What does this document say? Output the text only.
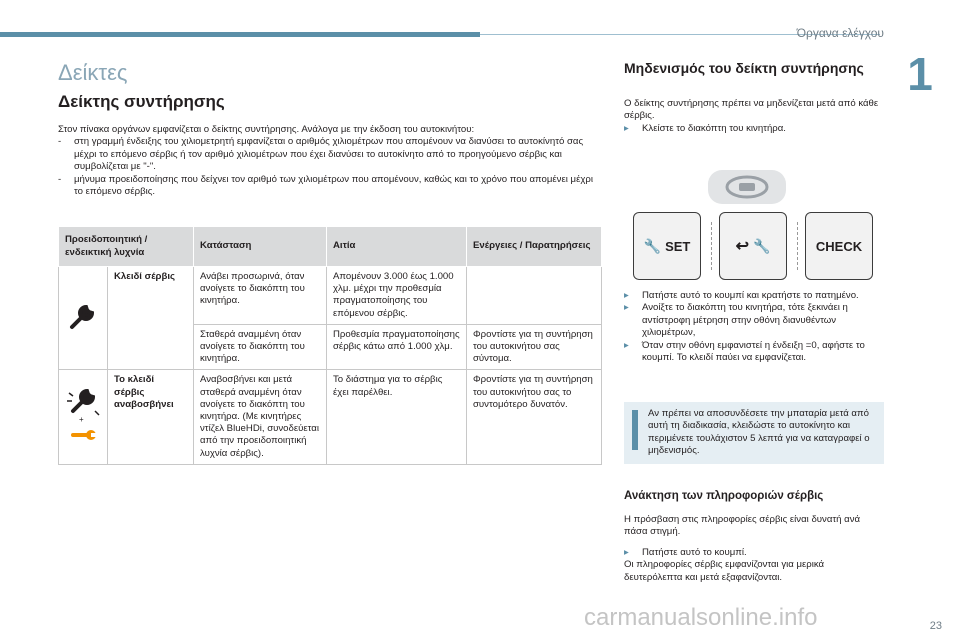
Όργανα ελέγχου
1
Δείκτες
Δείκτης συντήρησης
Στον πίνακα οργάνων εμφανίζεται ο δείκτης συντήρησης. Ανάλογα με την έκδοση του αυτοκινήτου:
-	στη γραμμή ένδειξης του χιλιομετρητή εμφανίζεται ο αριθμός χιλιομέτρων που απομένουν να διανύσει το αυτοκίνητό σας μέχρι το επόμενο σέρβις ή τον αριθμό χιλιομέτρων που έχει διανύσει το αυτοκίνητο από το προηγούμενο σέρβις και συμβολίζεται με "-".
-	μήνυμα προειδοποίησης που δείχνει τον αριθμό των χιλιομέτρων που απομένουν, καθώς και το χρόνο που απομένει μέχρι το επόμενο σέρβις.
Προειδοποιητική / ενδεικτική λυχνία		Κατάσταση	Αιτία	Ενέργειες / Παρατηρήσεις
	Κλειδί σέρβις	Ανάβει προσωρινά, όταν ανοίγετε το διακόπτη του κινητήρα.	Απομένουν 3.000 έως 1.000 χλμ. μέχρι την προθεσμία πραγματοποίησης του επόμενου σέρβις.	
		Σταθερά αναμμένη όταν ανοίγετε το διακόπτη του κινητήρα.	Προθεσμία πραγματοποίησης σέρβις κάτω από 1.000 χλμ.	Φροντίστε για τη συντήρηση του αυτοκινήτου σας σύντομα.

+	Το κλειδί σέρβις αναβοσβήνει	Αναβοσβήνει και μετά σταθερά αναμμένη όταν ανοίγετε το διακόπτη του κινητήρα. (Με κινητήρες ντίζελ BlueHDi, συνοδεύεται από την προειδοποιητική λυχνία σέρβις).	Το διάστημα για το σέρβις έχει παρέλθει.	Φροντίστε για τη συντήρηση του αυτοκινήτου σας το συντομότερο δυνατόν.
Μηδενισμός του δείκτη συντήρησης
Ο δείκτης συντήρησης πρέπει να μηδενίζεται μετά από κάθε σέρβις.
▸	Κλείστε το διακόπτη του κινητήρα.
🔧 SET	↩ 🔧	CHECK
▸	Πατήστε αυτό το κουμπί και κρατήστε το πατημένο.
▸	Ανοίξτε το διακόπτη του κινητήρα, τότε ξεκινάει η αντίστροφη μέτρηση στην οθόνη διανυθέντων χιλιομέτρων,
▸	Όταν στην οθόνη εμφανιστεί η ένδειξη =0, αφήστε το κουμπί. Το κλειδί παύει να εμφανίζεται.
Αν πρέπει να αποσυνδέσετε την μπαταρία μετά από αυτή τη διαδικασία, κλειδώστε το αυτοκίνητο και περιμένετε τουλάχιστον 5 λεπτά για να καταγραφεί ο μηδενισμός.
Ανάκτηση των πληροφοριών σέρβις
Η πρόσβαση στις πληροφορίες σέρβις είναι δυνατή ανά πάσα στιγμή.
▸	Πατήστε αυτό το κουμπί.
Οι πληροφορίες σέρβις εμφανίζονται για μερικά δευτερόλεπτα και μετά εξαφανίζονται.
carmanualsonline.info	23
